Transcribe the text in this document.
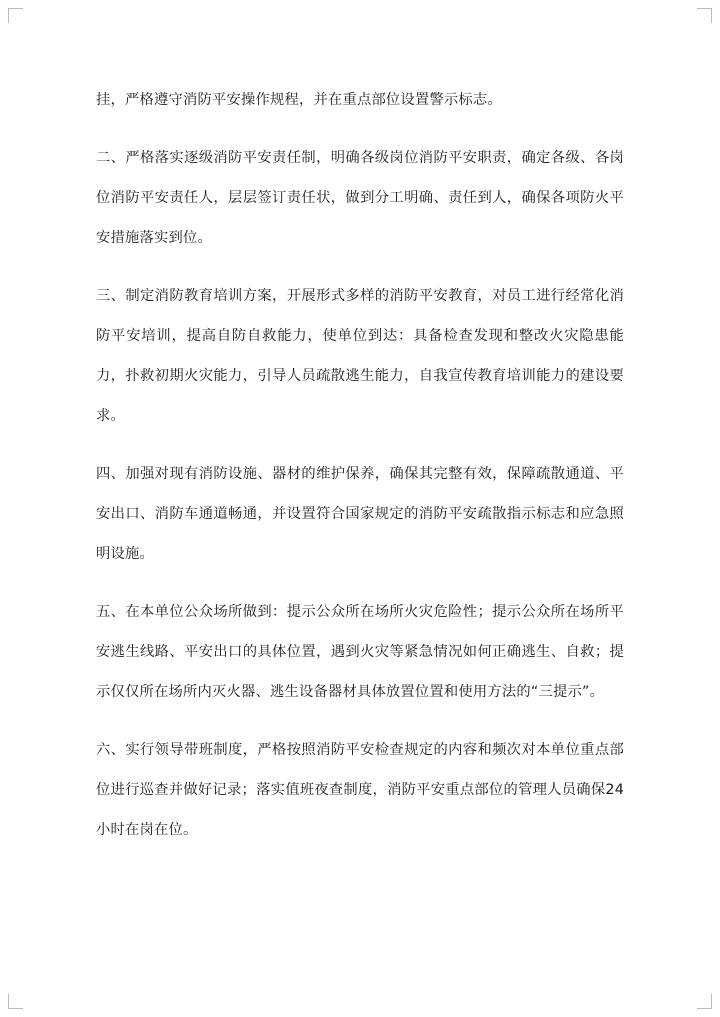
挂，严格遵守消防平安操作规程，并在重点部位设置警示标志。

二、严格落实逐级消防平安责任制，明确各级岗位消防平安职责，确定各级、各岗位消防平安责任人，层层签订责任状，做到分工明确、责任到人，确保各项防火平安措施落实到位。

三、制定消防教育培训方案，开展形式多样的消防平安教育，对员工进行经常化消防平安培训，提高自防自救能力，使单位到达：具备检查发现和整改火灾隐患能力，扑救初期火灾能力，引导人员疏散逃生能力，自我宣传教育培训能力的建设要求。

四、加强对现有消防设施、器材的维护保养，确保其完整有效，保障疏散通道、平安出口、消防车通道畅通，并设置符合国家规定的消防平安疏散指示标志和应急照明设施。

五、在本单位公众场所做到：提示公众所在场所火灾危险性；提示公众所在场所平安逃生线路、平安出口的具体位置，遇到火灾等紧急情况如何正确逃生、自救；提示仅仅所在场所内灭火器、逃生设备器材具体放置位置和使用方法的“三提示”。

六、实行领导带班制度，严格按照消防平安检查规定的内容和频次对本单位重点部位进行巡查并做好记录；落实值班夜查制度，消防平安重点部位的管理人员确保24小时在岗在位。
